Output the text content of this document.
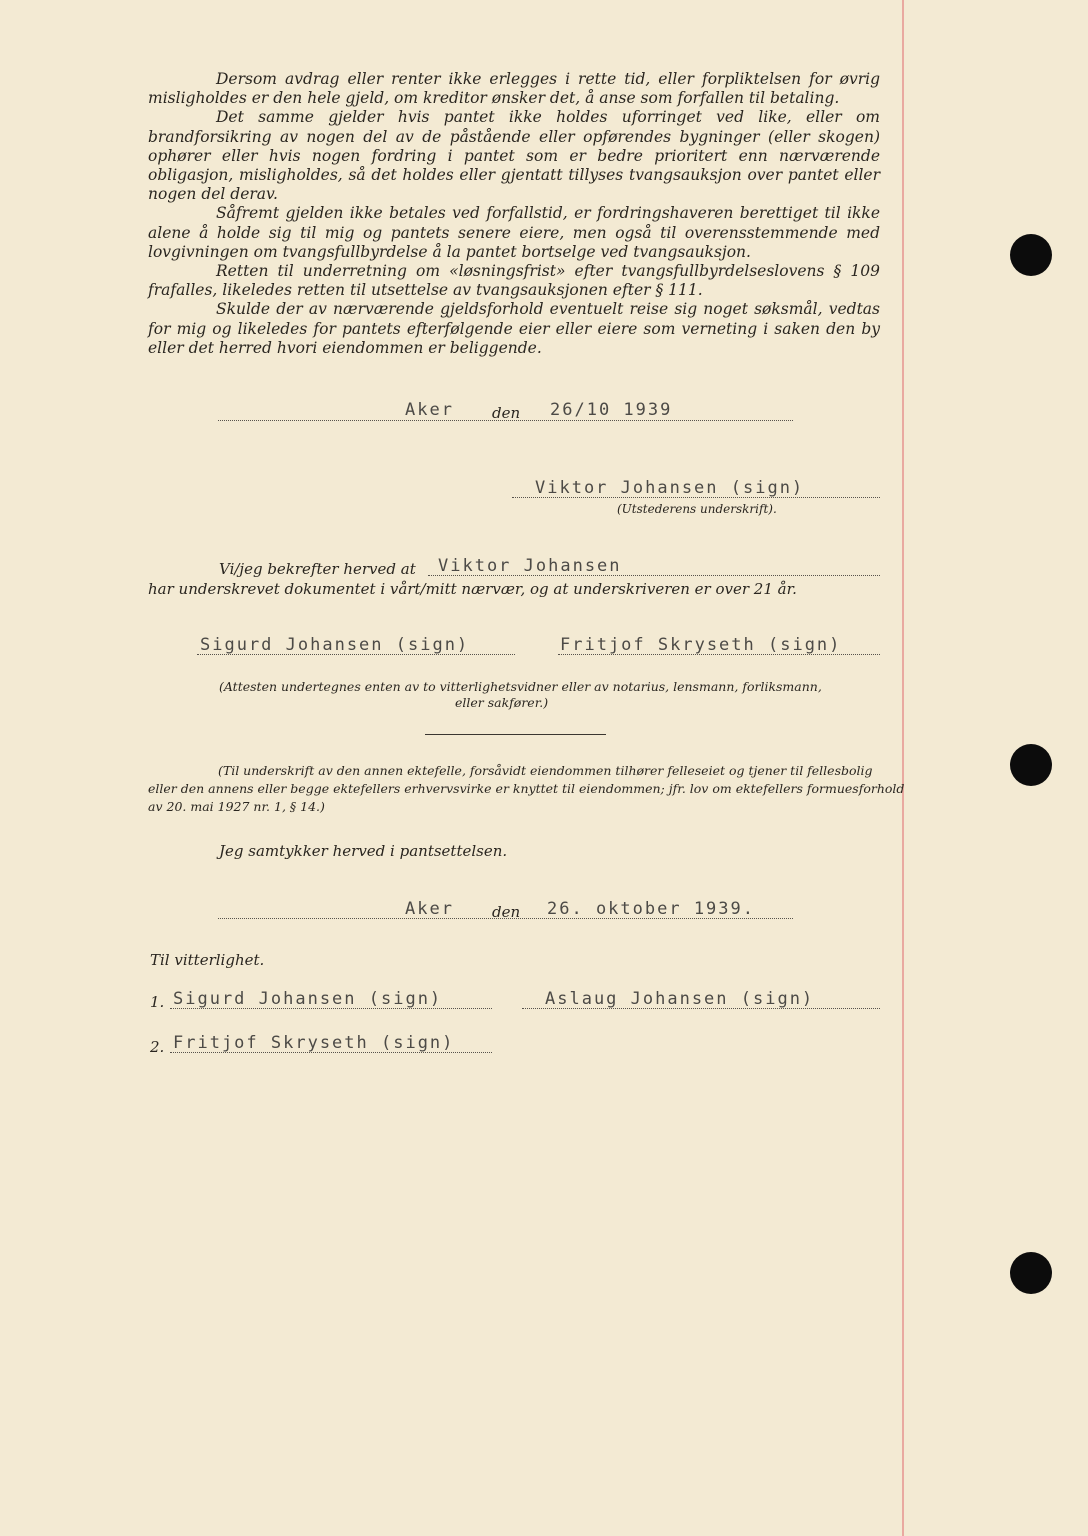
Dersom avdrag eller renter ikke erlegges i rette tid, eller forpliktelsen for øvrig misligholdes er den hele gjeld, om kreditor ønsker det, å anse som forfallen til betaling.

Det samme gjelder hvis pantet ikke holdes uforringet ved like, eller om brandforsikring av nogen del av de påstående eller opførendes bygninger (eller skogen) ophører eller hvis nogen fordring i pantet som er bedre prioritert enn nærværende obligasjon, misligholdes, så det holdes eller gjentatt tillyses tvangsauksjon over pantet eller nogen del derav.

Såfremt gjelden ikke betales ved forfallstid, er fordringshaveren berettiget til ikke alene å holde sig til mig og pantets senere eiere, men også til overensstemmende med lovgivningen om tvangsfullbyrdelse å la pantet bortselge ved tvangsauksjon.

Retten til underretning om «løsningsfrist» efter tvangsfullbyrdelseslovens § 109 frafalles, likeledes retten til utsettelse av tvangsauksjonen efter § 111.

Skulde der av nærværende gjeldsforhold eventuelt reise sig noget søksmål, vedtas for mig og likeledes for pantets efterfølgende eier eller eiere som verneting i saken den by eller det herred hvori eiendommen er beliggende.

Aker	den 26/10 1939
Viktor Johansen (sign)
(Utstederens underskrift).
Vi/jeg bekrefter herved at Viktor Johansen
har underskrevet dokumentet i vårt/mitt nærvær, og at underskriveren er over 21 år.
Sigurd Johansen (sign)	Fritjof Skryseth (sign)
(Attesten undertegnes enten av to vitterlighetsvidner eller av notarius, lensmann, forliksmann,
eller sakfører.)
(Til underskrift av den annen ektefelle, forsåvidt eiendommen tilhører felleseiet og tjener til fellesbolig
eller den annens eller begge ektefellers erhvervsvirke er knyttet til eiendommen; jfr. lov om ektefellers formuesforhold
av 20. mai 1927 nr. 1, § 14.)
Jeg samtykker herved i pantsettelsen.
Aker	den 26. oktober 1939.
Til vitterlighet.
1. Sigurd Johansen (sign)	Aslaug Johansen (sign)
2. Fritjof Skryseth (sign)
